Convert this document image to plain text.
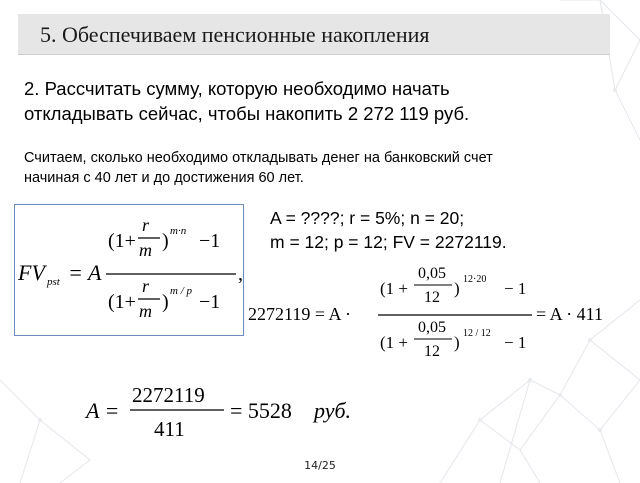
5. Обеспечиваем пенсионные накопления
2. Рассчитать сумму, которую необходимо начать
откладывать сейчас, чтобы накопить 2 272 119 руб.
Считаем, сколько необходимо откладывать денег на банковский счет
начиная с 40 лет и до достижения 60 лет.
FV pst = A
(1+
r
m ) m·n −1
(1+
r
m ) m / p −1
,
A = ????; r = 5%; n = 20;
m = 12; p = 12; FV = 2272119.
2272119 = A ·
(1 +
0,05
12 ) 12·20 − 1
(1 +
0,05
12 ) 12 / 12 − 1
= A · 411
A =
2272119
411
= 5528 руб.
14/25
